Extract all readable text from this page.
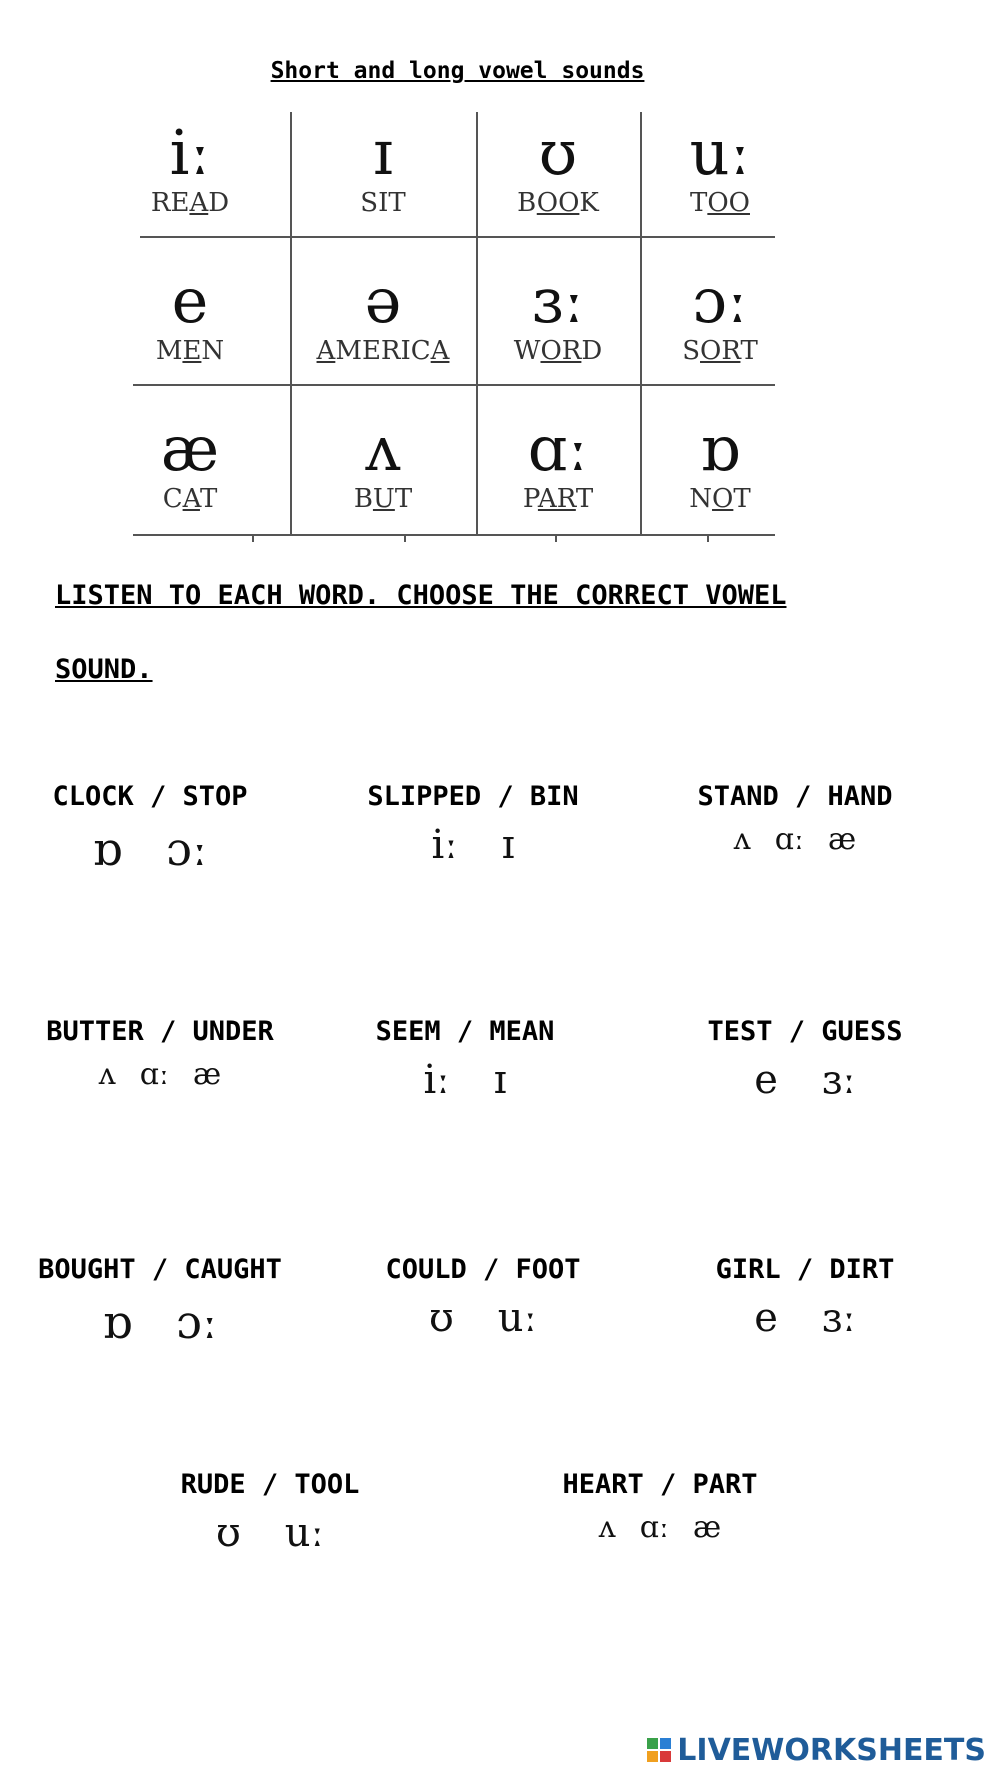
Short and long vowel sounds
iː
READ
ɪ
SIT
ʊ
BOOK
uː
TOO
e
MEN
ə
AMERICA
ɜː
WORD
ɔː
SORT
æ
CAT
ʌ
BUT
ɑː
PART
ɒ
NOT
LISTEN TO EACH WORD. CHOOSE THE CORRECT VOWEL
SOUND.
CLOCK / STOP
ɒ ɔː
SLIPPED / BIN
iː ɪ
STAND / HAND
ʌ ɑː æ
BUTTER / UNDER
ʌ ɑː æ
SEEM / MEAN
iː ɪ
TEST / GUESS
e ɜː
BOUGHT / CAUGHT
ɒ ɔː
COULD / FOOT
ʊ uː
GIRL / DIRT
e ɜː
RUDE / TOOL
ʊ uː
HEART / PART
ʌ ɑː æ
LIVEWORKSHEETS
